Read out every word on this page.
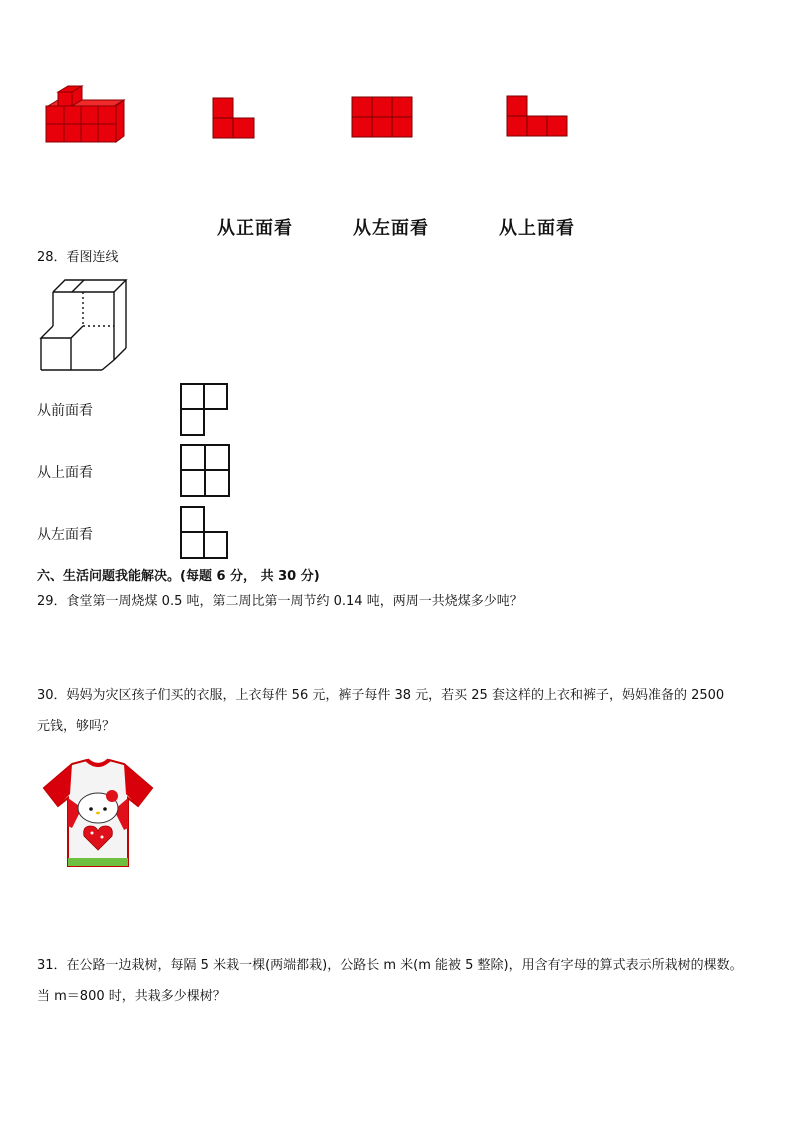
从正面看	从左面看	从上面看
28．看图连线
从前面看
从上面看
从左面看
六、生活问题我能解决。(每题 6 分， 共 30 分)
29．食堂第一周烧煤 0.5 吨，第二周比第一周节约 0.14 吨，两周一共烧煤多少吨？
30．妈妈为灾区孩子们买的衣服，上衣每件 56 元，裤子每件 38 元，若买 25 套这样的上衣和裤子，妈妈准备的 2500
元钱，够吗？
31．在公路一边栽树，每隔 5 米栽一棵(两端都栽)，公路长 m 米(m 能被 5 整除)，用含有字母的算式表示所栽树的棵数。
当 m＝800 时，共栽多少棵树？
